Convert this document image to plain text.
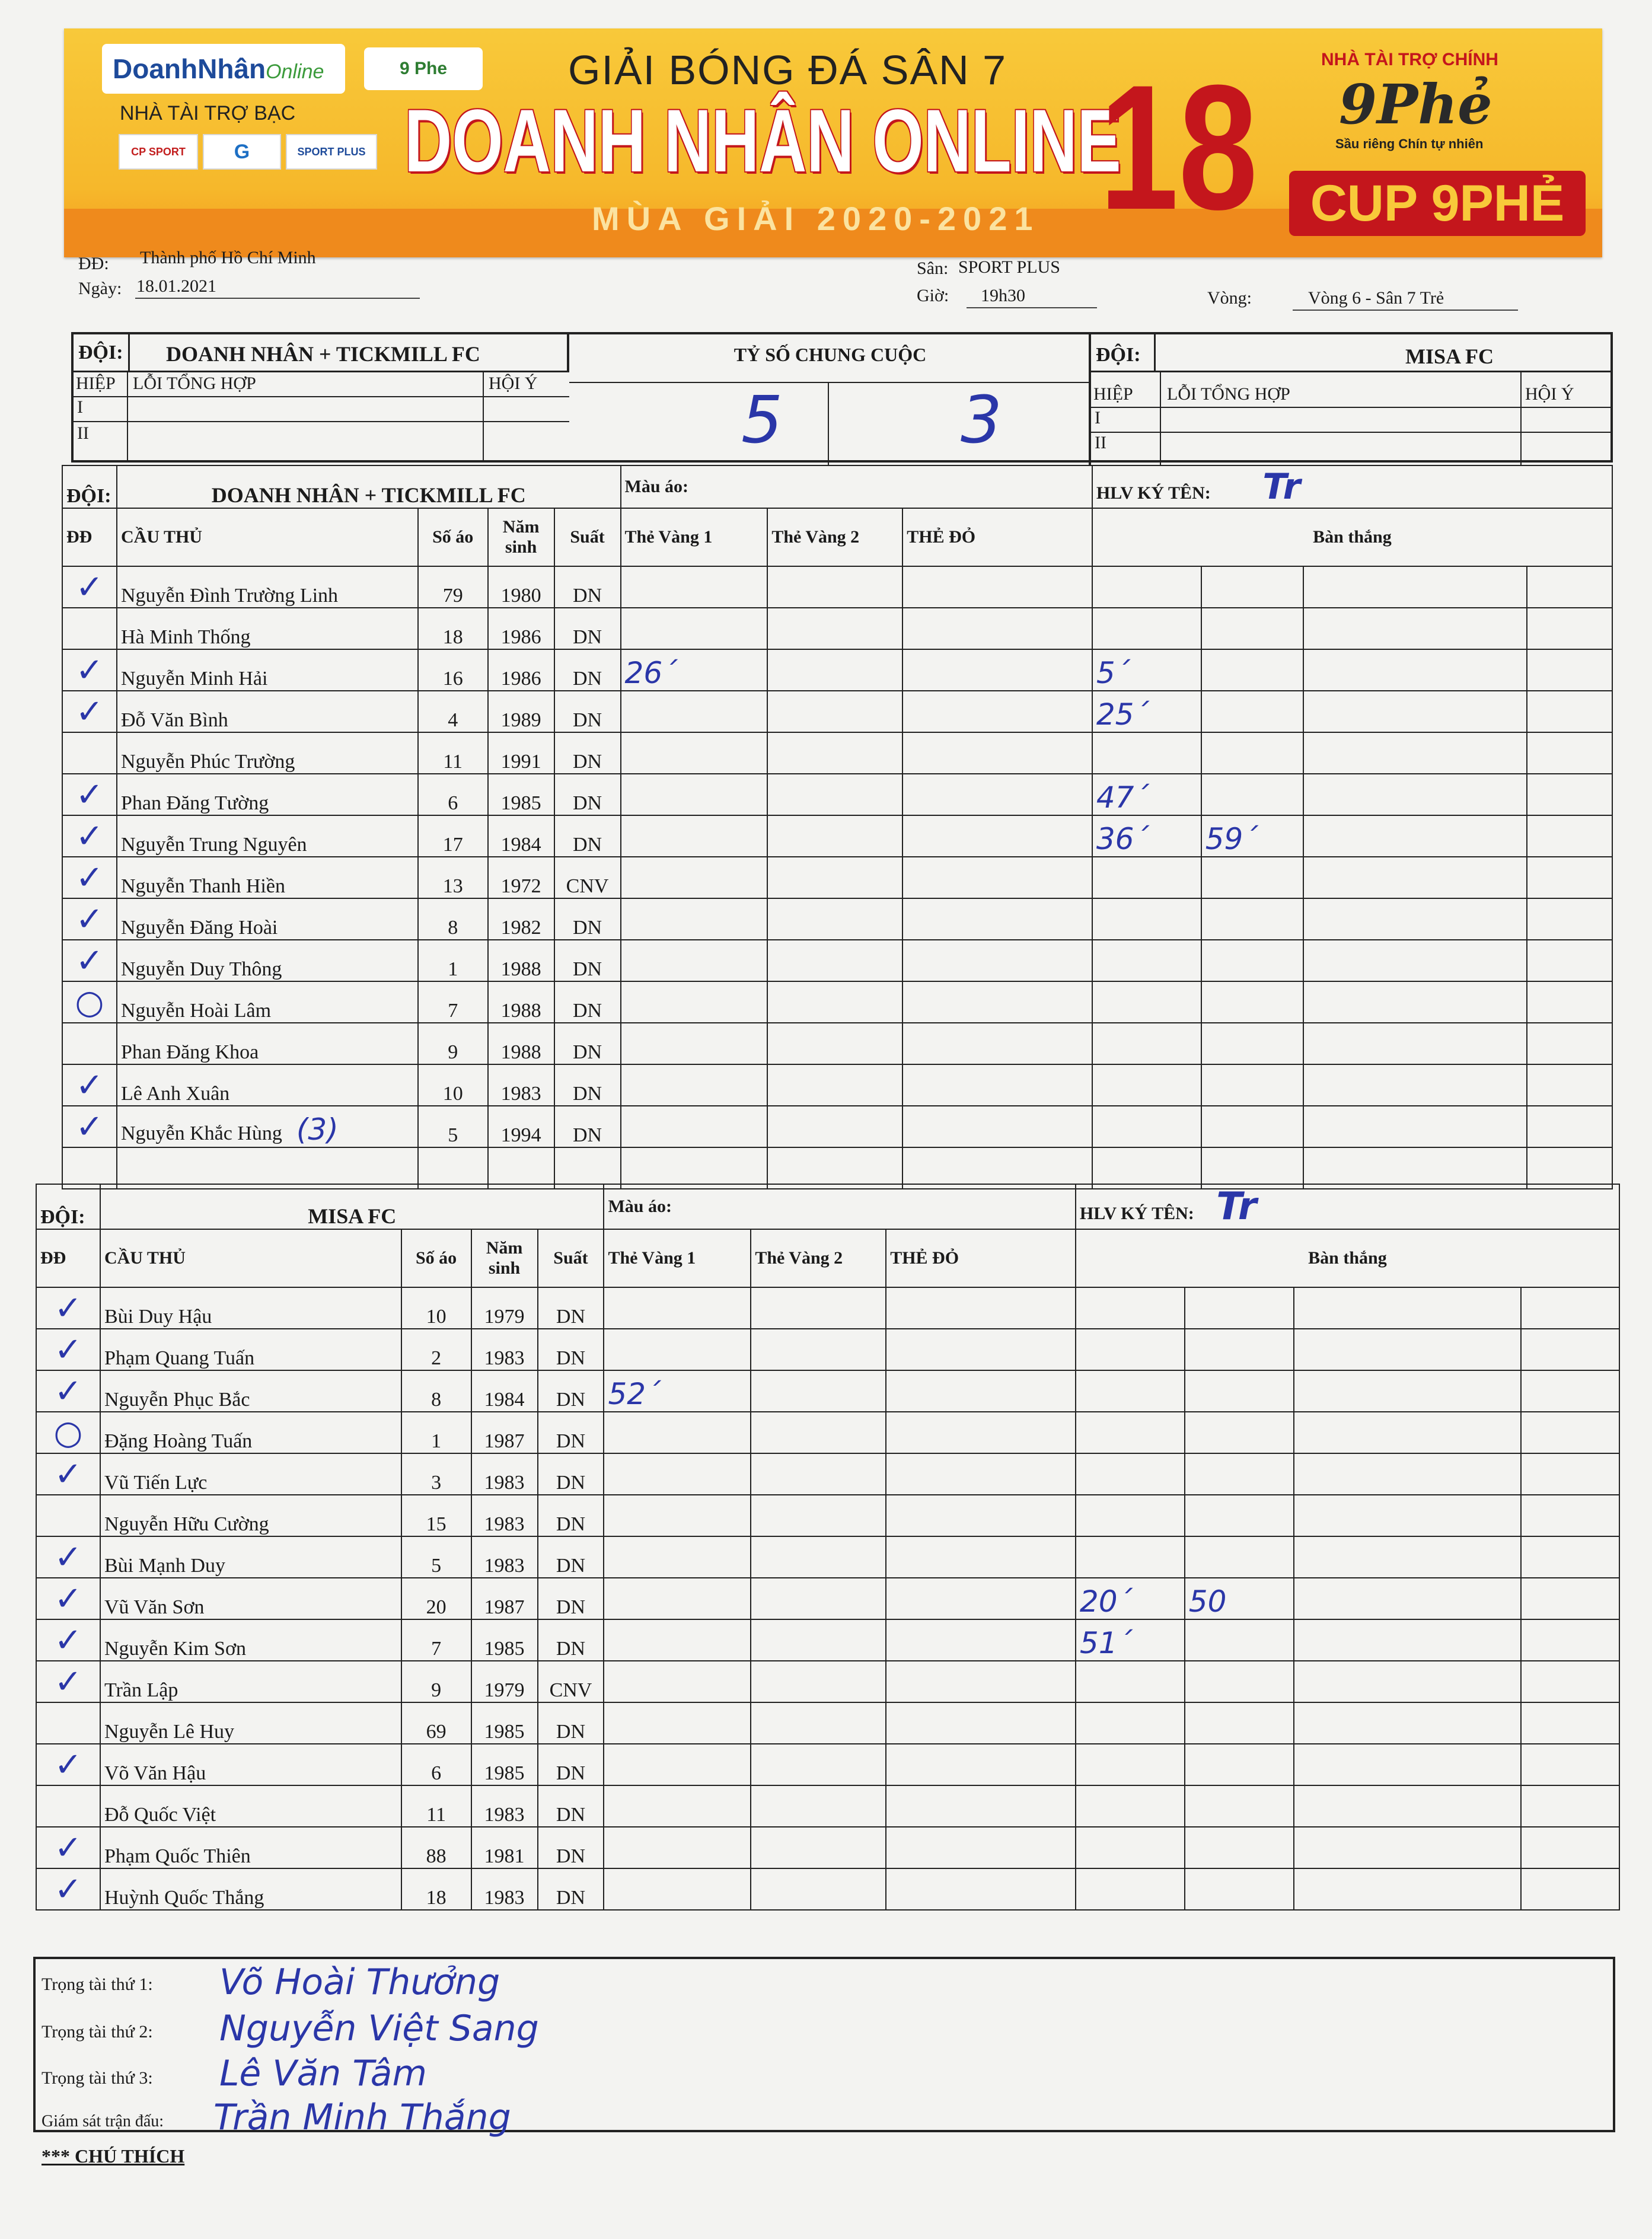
DoanhNhânOnline	9 Phe
NHÀ TÀI TRỢ BẠC
CP SPORT	G	SPORT PLUS
GIẢI BÓNG ĐÁ SÂN 7
DOANH NHÂN ONLINE
MÙA GIẢI 2020-2021 18	NHÀ TÀI TRỢ CHÍNH
9Phẻ
Sầu riêng Chín tự nhiên
CUP 9PHẺ
ĐĐ: Thành phố Hồ Chí Minh
Ngày: 18.01.2021
Sân: SPORT PLUS
Giờ: 19h30	Vòng:	Vòng 6 - Sân 7 Trẻ
ĐỘI: DOANH NHÂN + TICKMILL FC
HIỆP LỖI TỔNG HỢP	HỘI Ý
I
II
TỶ SỐ CHUNG CUỘC
5	3
ĐỘI:	MISA FC
HIỆP LỖI TỔNG HỢP	HỘI Ý
I
II
ĐỘI:	DOANH NHÂN + TICKMILL FC				Màu áo:			HLV KÝ TÊN: Tr			
ĐĐ	CẦU THỦ	Số áo	Năm sinh	Suất	Thẻ Vàng 1	Thẻ Vàng 2	THẺ ĐỎ	Bàn thắng			
✓	Nguyễn Đình Trường Linh	79	1980	DN							
	Hà Minh Thống	18	1986	DN							
✓	Nguyễn Minh Hải	16	1986	DN	26´			5´			
✓	Đỗ Văn Bình	4	1989	DN				25´			
	Nguyễn Phúc Trường	11	1991	DN							
✓	Phan Đăng Tường	6	1985	DN				47´			
✓	Nguyễn Trung Nguyên	17	1984	DN				36´	59´		
✓	Nguyễn Thanh Hiền	13	1972	CNV							
✓	Nguyễn Đăng Hoài	8	1982	DN							
✓	Nguyễn Duy Thông	1	1988	DN							
○	Nguyễn Hoài Lâm	7	1988	DN							
	Phan Đăng Khoa	9	1988	DN							
✓	Lê Anh Xuân	10	1983	DN							
✓	Nguyễn Khắc Hùng (3)	5	1994	DN							

ĐỘI:	MISA FC				Màu áo:			HLV KÝ TÊN: Tr			
ĐĐ	CẦU THỦ	Số áo	Năm sinh	Suất	Thẻ Vàng 1	Thẻ Vàng 2	THẺ ĐỎ	Bàn thắng			
✓	Bùi Duy Hậu	10	1979	DN							
✓	Phạm Quang Tuấn	2	1983	DN							
✓	Nguyễn Phục Bắc	8	1984	DN	52´						
○	Đặng Hoàng Tuấn	1	1987	DN							
✓	Vũ Tiến Lực	3	1983	DN							
	Nguyễn Hữu Cường	15	1983	DN							
✓	Bùi Mạnh Duy	5	1983	DN							
✓	Vũ Văn Sơn	20	1987	DN				20´	50		
✓	Nguyễn Kim Sơn	7	1985	DN				51´			
✓	Trần Lập	9	1979	CNV							
	Nguyễn Lê Huy	69	1985	DN							
✓	Võ Văn Hậu	6	1985	DN							
	Đỗ Quốc Việt	11	1983	DN							
✓	Phạm Quốc Thiên	88	1981	DN							
✓	Huỳnh Quốc Thắng	18	1983	DN							
Trọng tài thứ 1: Võ Hoài Thưởng
Trọng tài thứ 2: Nguyễn Việt Sang
Trọng tài thứ 3: Lê Văn Tâm
Giám sát trận đấu: Trần Minh Thắng
*** CHÚ THÍCH
